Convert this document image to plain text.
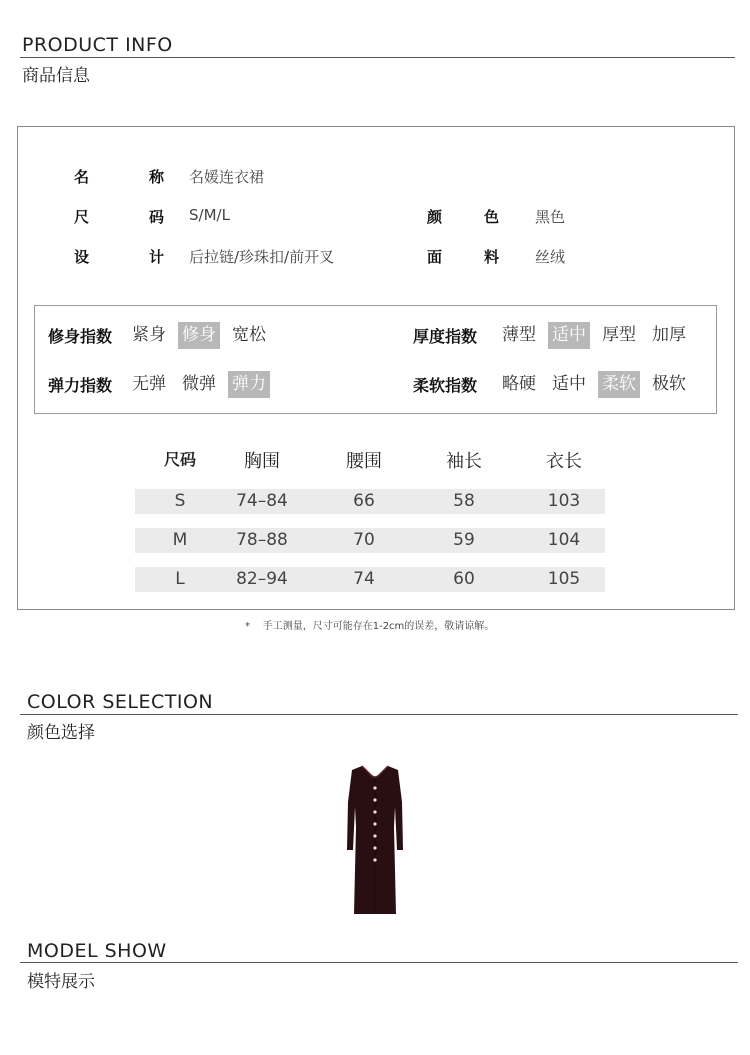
PRODUCT INFO
商品信息
名	称 名媛连衣裙
尺	码 S/M/L
设	计 后拉链/珍珠扣/前开叉
颜	色 黑色
面	料 丝绒
修身指数	紧身 修身 宽松	厚度指数	薄型 适中 厚型 加厚
弹力指数	无弹 微弹 弹力	柔软指数	略硬 适中 柔软 极软
尺码	胸围	腰围	袖长	衣长
S	74–84	66	58	103
M	78–88	70	59	104
L	82–94	74	60	105
* 手工测量，尺寸可能存在1-2cm的误差，敬请谅解。
COLOR SELECTION
颜色选择
MODEL SHOW
模特展示
